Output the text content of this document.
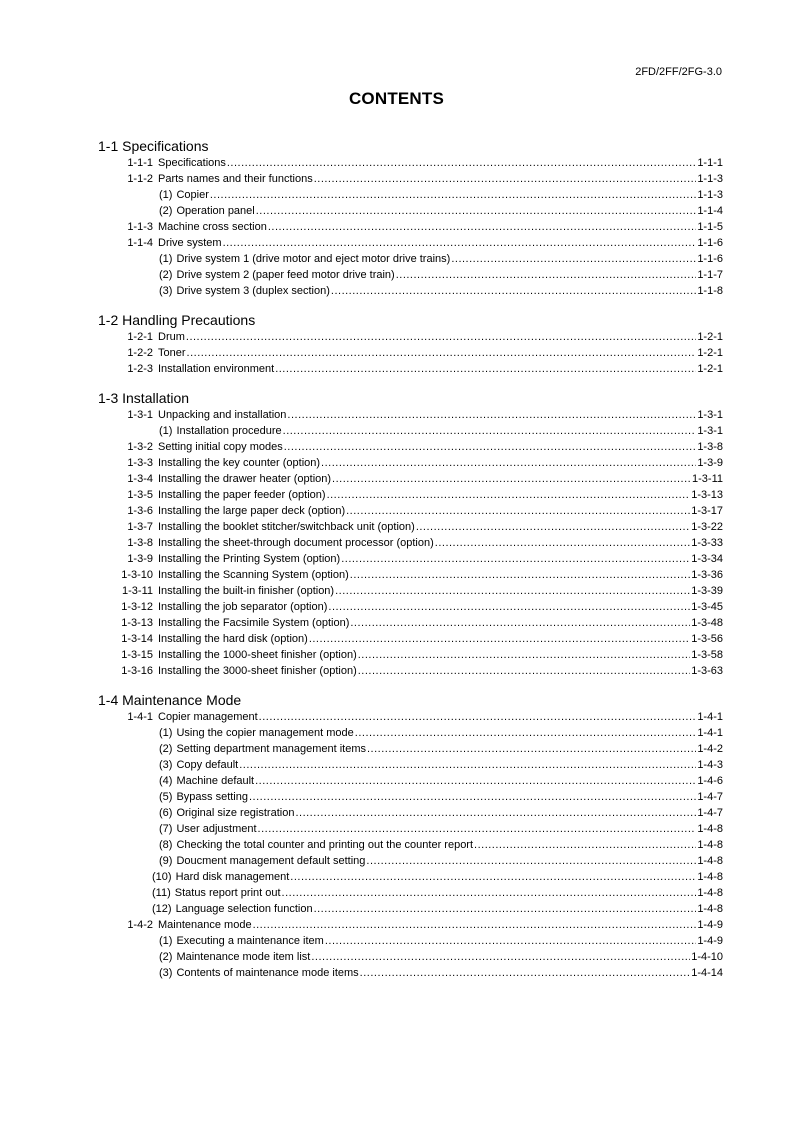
2FD/2FF/2FG-3.0
CONTENTS
1-1 Specifications
1-1-1 Specifications .....	1-1-1
1-1-2 Parts names and their functions .....	1-1-3
(1) Copier .....	1-1-3
(2) Operation panel .....	1-1-4
1-1-3 Machine cross section .....	1-1-5
1-1-4 Drive system .....	1-1-6
(1) Drive system 1 (drive motor and eject motor drive trains) .....	1-1-6
(2) Drive system 2 (paper feed motor drive train) .....	1-1-7
(3) Drive system 3 (duplex section) .....	1-1-8
1-2 Handling Precautions
1-2-1 Drum .....	1-2-1
1-2-2 Toner .....	1-2-1
1-2-3 Installation environment .....	1-2-1
1-3 Installation
1-3-1 Unpacking and installation .....	1-3-1
(1) Installation procedure .....	1-3-1
1-3-2 Setting initial copy modes .....	1-3-8
1-3-3 Installing the key counter (option) .....	1-3-9
1-3-4 Installing the drawer heater (option) .....	1-3-11
1-3-5 Installing the paper feeder (option) .....	1-3-13
1-3-6 Installing the large paper deck (option) .....	1-3-17
1-3-7 Installing the booklet stitcher/switchback unit (option) .....	1-3-22
1-3-8 Installing the sheet-through document processor (option) .....	1-3-33
1-3-9 Installing the Printing System (option) .....	1-3-34
1-3-10 Installing the Scanning System (option) .....	1-3-36
1-3-11 Installing the built-in finisher (option) .....	1-3-39
1-3-12 Installing the job separator (option) .....	1-3-45
1-3-13 Installing the Facsimile System (option) .....	1-3-48
1-3-14 Installing the hard disk (option) .....	1-3-56
1-3-15 Installing the 1000-sheet finisher (option) .....	1-3-58
1-3-16 Installing the 3000-sheet finisher (option) .....	1-3-63
1-4 Maintenance Mode
1-4-1 Copier management .....	1-4-1
(1) Using the copier management mode .....	1-4-1
(2) Setting department management items .....	1-4-2
(3) Copy default .....	1-4-3
(4) Machine default .....	1-4-6
(5) Bypass setting .....	1-4-7
(6) Original size registration .....	1-4-7
(7) User adjustment .....	1-4-8
(8) Checking the total counter and printing out the counter report .....	1-4-8
(9) Doucment management default setting .....	1-4-8
(10) Hard disk management .....	1-4-8
(11) Status report print out .....	1-4-8
(12) Language selection function .....	1-4-8
1-4-2 Maintenance mode .....	1-4-9
(1) Executing a maintenance item .....	1-4-9
(2) Maintenance mode item list .....	1-4-10
(3) Contents of maintenance mode items .....	1-4-14
